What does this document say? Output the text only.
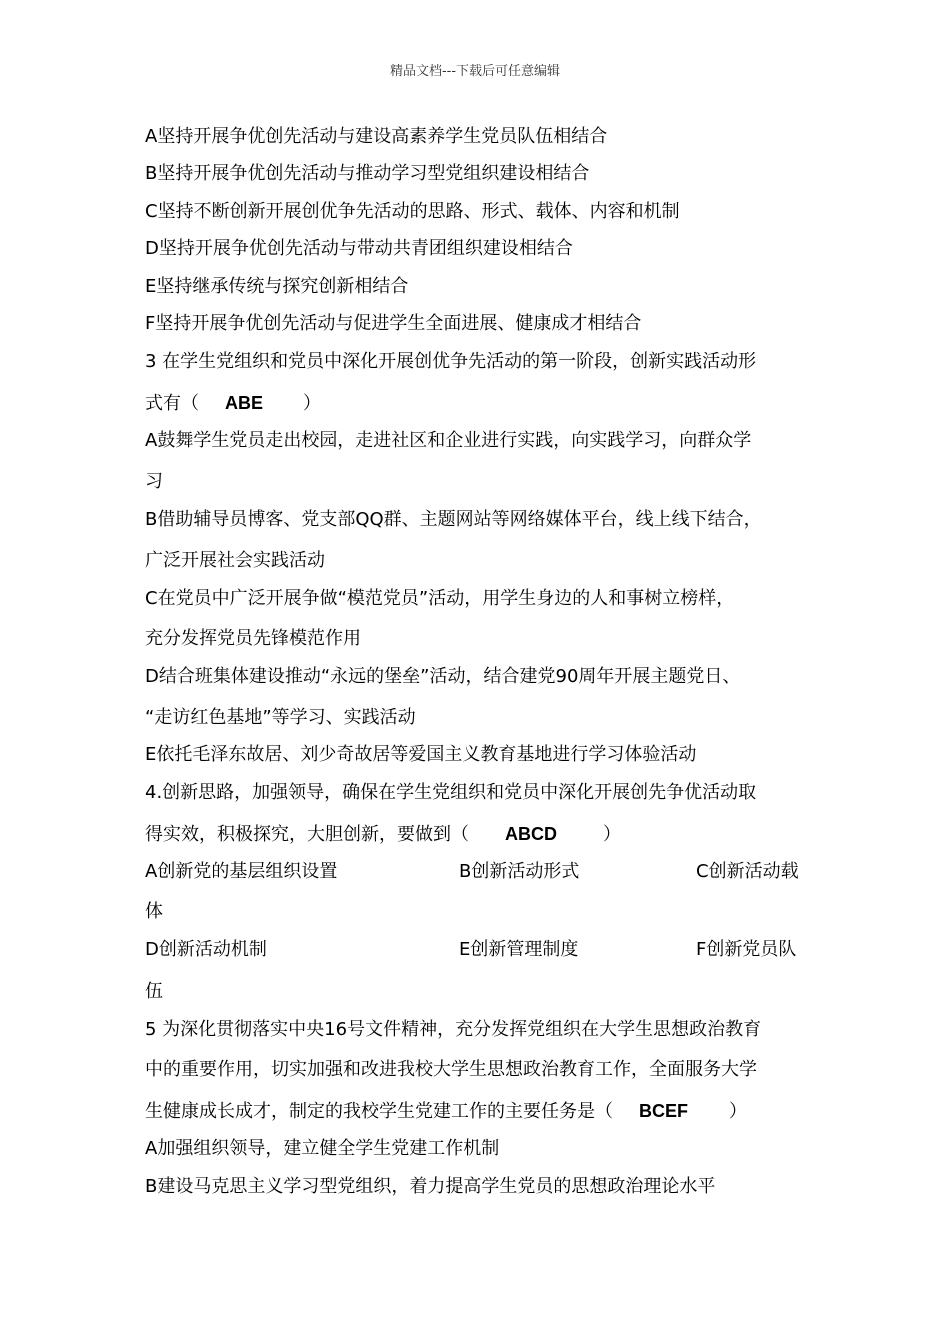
精品文档---下载后可任意编辑
A坚持开展争优创先活动与建设高素养学生党员队伍相结合
B坚持开展争优创先活动与推动学习型党组织建设相结合
C坚持不断创新开展创优争先活动的思路、形式、载体、内容和机制
D坚持开展争优创先活动与带动共青团组织建设相结合
E坚持继承传统与探究创新相结合
F坚持开展争优创先活动与促进学生全面进展、健康成才相结合
3 在学生党组织和党员中深化开展创优争先活动的第一阶段，创新实践活动形
式有（ ABE ）
A鼓舞学生党员走出校园，走进社区和企业进行实践，向实践学习，向群众学
习
B借助辅导员博客、党支部QQ群、主题网站等网络媒体平台，线上线下结合，
广泛开展社会实践活动
C在党员中广泛开展争做“模范党员”活动，用学生身边的人和事树立榜样，
充分发挥党员先锋模范作用
D结合班集体建设推动“永远的堡垒”活动，结合建党90周年开展主题党日、
“走访红色基地”等学习、实践活动
E依托毛泽东故居、刘少奇故居等爱国主义教育基地进行学习体验活动
4.创新思路，加强领导，确保在学生党组织和党员中深化开展创先争优活动取
得实效，积极探究，大胆创新，要做到（ ABCD	）
A创新党的基层组织设置	B创新活动形式	C创新活动载
体
D创新活动机制	E创新管理制度	F创新党员队
伍
5 为深化贯彻落实中央16号文件精神，充分发挥党组织在大学生思想政治教育
中的重要作用，切实加强和改进我校大学生思想政治教育工作，全面服务大学
生健康成长成才，制定的我校学生党建工作的主要任务是（ BCEF ）
A加强组织领导，建立健全学生党建工作机制
B建设马克思主义学习型党组织，着力提高学生党员的思想政治理论水平
